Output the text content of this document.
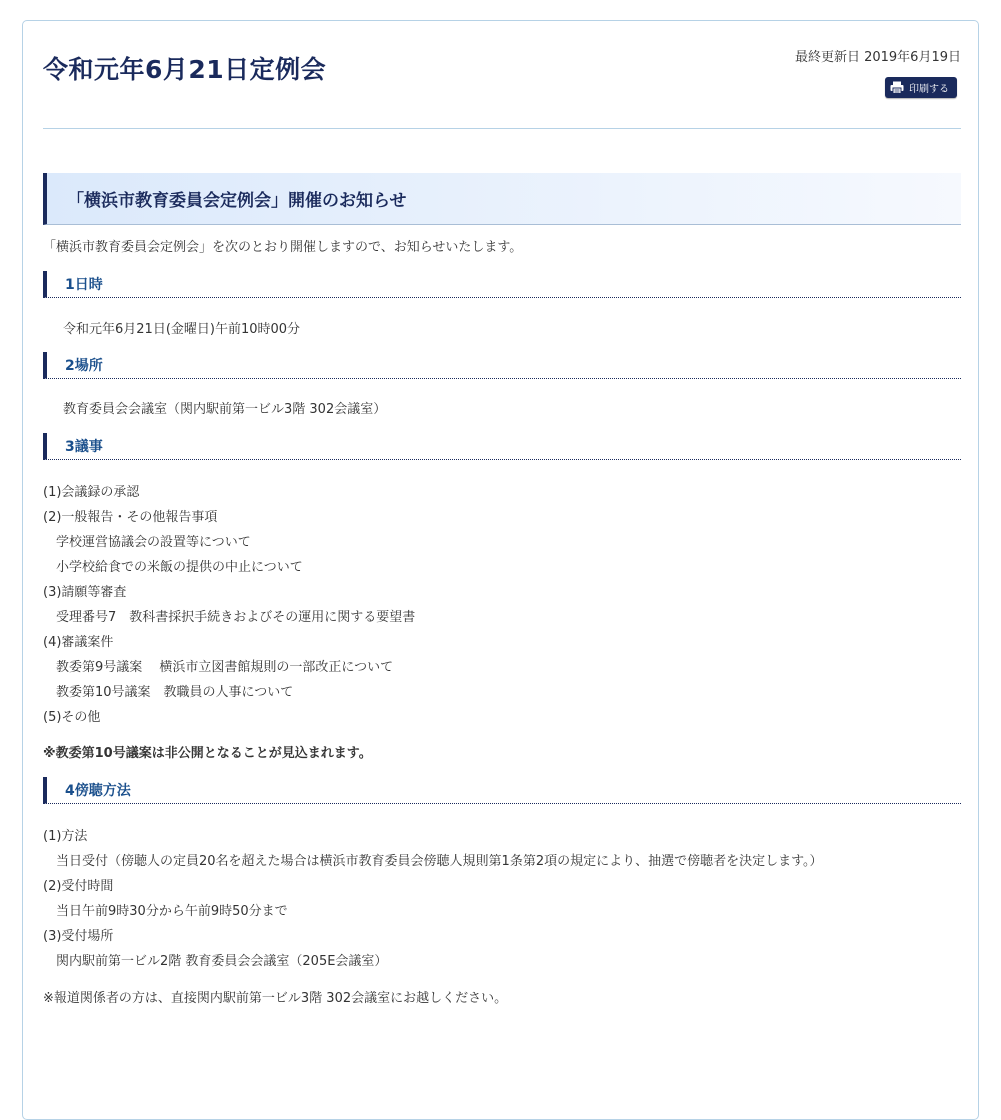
令和元年6月21日定例会	最終更新日 2019年6月19日
印刷する
「横浜市教育委員会定例会」開催のお知らせ
「横浜市教育委員会定例会」を次のとおり開催しますので、お知らせいたします。
1日時
令和元年6月21日(金曜日)午前10時00分
2場所
教育委員会会議室（関内駅前第一ビル3階 302会議室）
3議事
(1)会議録の承認
(2)一般報告・その他報告事項
学校運営協議会の設置等について
小学校給食での米飯の提供の中止について
(3)請願等審査
受理番号7　教科書採択手続きおよびその運用に関する要望書
(4)審議案件
教委第9号議案　 横浜市立図書館規則の一部改正について
教委第10号議案　教職員の人事について
(5)その他
※教委第10号議案は非公開となることが見込まれます。
4傍聴方法
(1)方法
当日受付（傍聴人の定員20名を超えた場合は横浜市教育委員会傍聴人規則第1条第2項の規定により、抽選で傍聴者を決定します。）
(2)受付時間
当日午前9時30分から午前9時50分まで
(3)受付場所
関内駅前第一ビル2階 教育委員会会議室（205E会議室）
※報道関係者の方は、直接関内駅前第一ビル3階 302会議室にお越しください。
